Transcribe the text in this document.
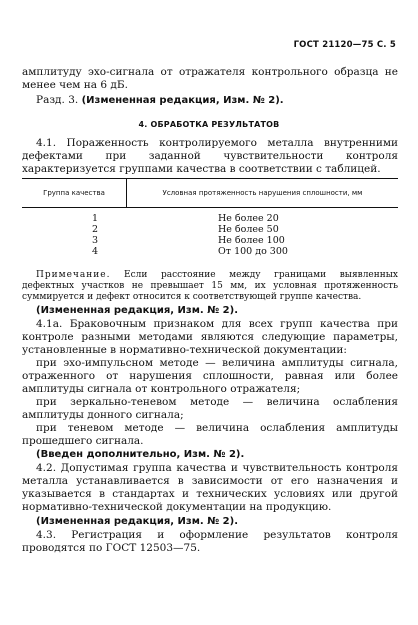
ГОСТ 21120—75 С. 5
амплитуду эхо-сигнала от отражателя контрольного образца не менее чем на 6 дБ.
Разд. 3. (Измененная редакция, Изм. № 2).
4. ОБРАБОТКА РЕЗУЛЬТАТОВ
4.1. Пораженность контролируемого металла внутренними дефектами при заданной чувствительности контроля характеризуется группами качества в соответствии с таблицей.
Группа качества	Условная протяженность нарушения сплошности, мм
1
2
3
4
Не более 20
Не более 50
Не более 100
От 100 до 300
Примечание. Если расстояние между границами выявленных дефектных участков не превышает 15 мм, их условная протяженность суммируется и дефект относится к соответствующей группе качества.
(Измененная редакция, Изм. № 2).
4.1а. Браковочным признаком для всех групп качества при контроле разными методами являются следующие параметры, установленные в нормативно-технической документации:
при эхо-импульсном методе — величина амплитуды сигнала, отраженного от нарушения сплошности, равная или более амплитуды сигнала от контрольного отражателя;
при зеркально-теневом методе — величина ослабления амплитуды донного сигнала;
при теневом методе — величина ослабления амплитуды прошедшего сигнала.
(Введен дополнительно, Изм. № 2).
4.2. Допустимая группа качества и чувствительность контроля металла устанавливается в зависимости от его назначения и указывается в стандартах и технических условиях или другой нормативно-технической документации на продукцию.
(Измененная редакция, Изм. № 2).
4.3. Регистрация и оформление результатов контроля проводятся по ГОСТ 12503—75.
